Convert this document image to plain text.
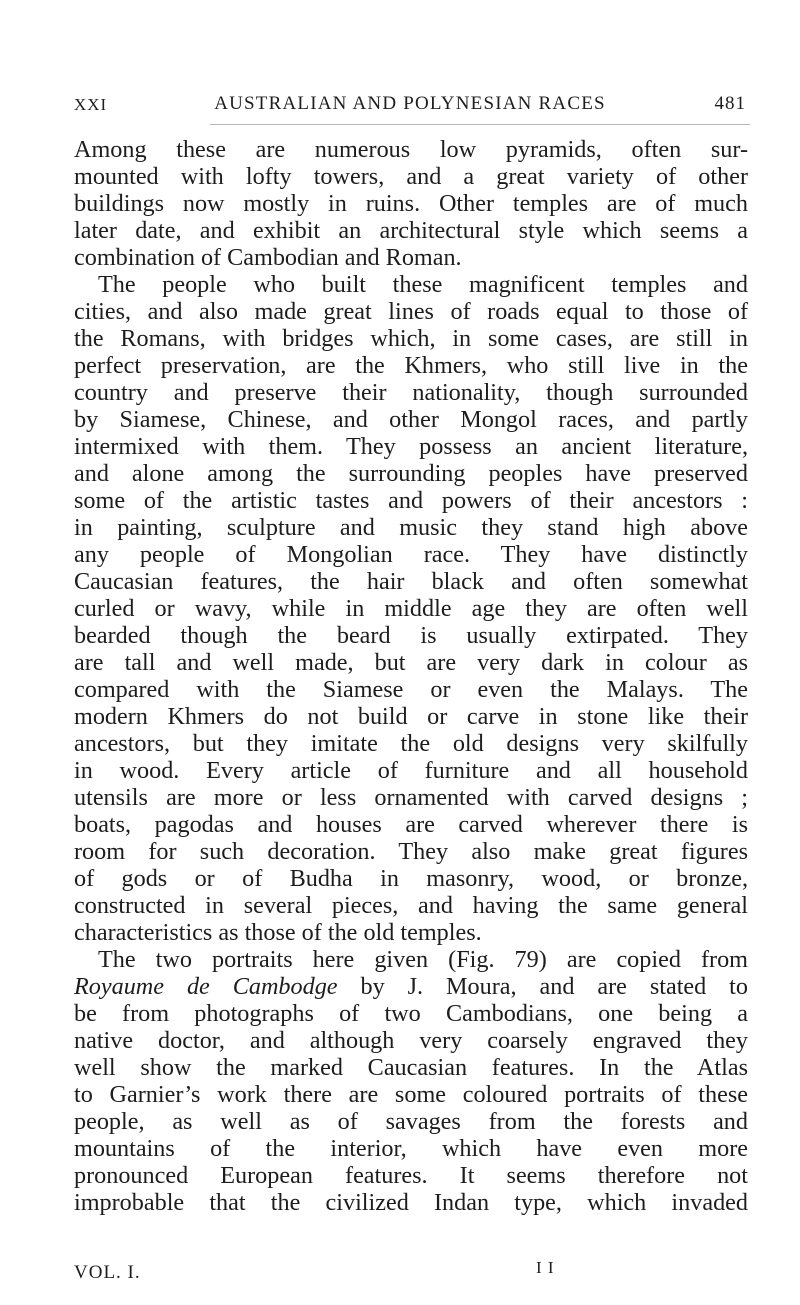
XXI	AUSTRALIAN AND POLYNESIAN RACES	481
Among these are numerous low pyramids, often sur-
mounted with lofty towers, and a great variety of other
buildings now mostly in ruins. Other temples are of much
later date, and exhibit an architectural style which seems a
combination of Cambodian and Roman.
The people who built these magnificent temples and
cities, and also made great lines of roads equal to those of
the Romans, with bridges which, in some cases, are still in
perfect preservation, are the Khmers, who still live in the
country and preserve their nationality, though surrounded
by Siamese, Chinese, and other Mongol races, and partly
intermixed with them. They possess an ancient literature,
and alone among the surrounding peoples have preserved
some of the artistic tastes and powers of their ancestors :
in painting, sculpture and music they stand high above
any people of Mongolian race. They have distinctly
Caucasian features, the hair black and often somewhat
curled or wavy, while in middle age they are often well
bearded though the beard is usually extirpated. They
are tall and well made, but are very dark in colour as
compared with the Siamese or even the Malays. The
modern Khmers do not build or carve in stone like their
ancestors, but they imitate the old designs very skilfully
in wood. Every article of furniture and all household
utensils are more or less ornamented with carved designs ;
boats, pagodas and houses are carved wherever there is
room for such decoration. They also make great figures
of gods or of Budha in masonry, wood, or bronze,
constructed in several pieces, and having the same general
characteristics as those of the old temples.
The two portraits here given (Fig. 79) are copied from
Royaume de Cambodge by J. Moura, and are stated to
be from photographs of two Cambodians, one being a
native doctor, and although very coarsely engraved they
well show the marked Caucasian features. In the Atlas
to Garnier’s work there are some coloured portraits of these
people, as well as of savages from the forests and
mountains of the interior, which have even more
pronounced European features. It seems therefore not
improbable that the civilized Indan type, which invaded
VOL. I.	I I
